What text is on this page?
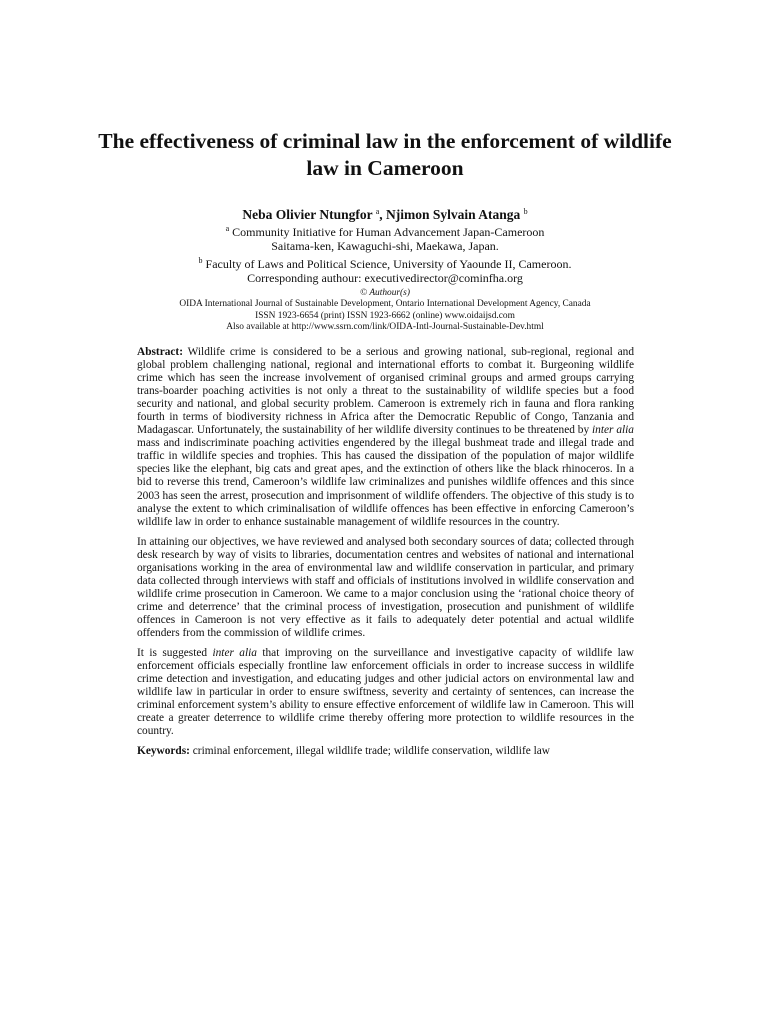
The effectiveness of criminal law in the enforcement of wildlife law in Cameroon
Neba Olivier Ntungfor $^a$, Njimon Sylvain Atanga $^b$
$^a$ Community Initiative for Human Advancement Japan-Cameroon
Saitama-ken, Kawaguchi-shi, Maekawa, Japan.
$^b$ Faculty of Laws and Political Science, University of Yaounde II, Cameroon.
Corresponding authour: executivedirector@cominfha.org
© Authour(s)
OIDA International Journal of Sustainable Development, Ontario International Development Agency, Canada
ISSN 1923-6654 (print) ISSN 1923-6662 (online) www.oidaijsd.com
Also available at http://www.ssrn.com/link/OIDA-Intl-Journal-Sustainable-Dev.html

Abstract: Wildlife crime is considered to be a serious and growing national, sub-regional, regional and global problem challenging national, regional and international efforts to combat it. Burgeoning wildlife crime which has seen the increase involvement of organised criminal groups and armed groups carrying trans-boarder poaching activities is not only a threat to the sustainability of wildlife species but a food security and national, and global security problem. Cameroon is extremely rich in fauna and flora ranking fourth in terms of biodiversity richness in Africa after the Democratic Republic of Congo, Tanzania and Madagascar. Unfortunately, the sustainability of her wildlife diversity continues to be threatened by inter alia mass and indiscriminate poaching activities engendered by the illegal bushmeat trade and illegal trade and traffic in wildlife species and trophies. This has caused the dissipation of the population of major wildlife species like the elephant, big cats and great apes, and the extinction of others like the black rhinoceros. In a bid to reverse this trend, Cameroon’s wildlife law criminalizes and punishes wildlife offences and this since 2003 has seen the arrest, prosecution and imprisonment of wildlife offenders. The objective of this study is to analyse the extent to which criminalisation of wildlife offences has been effective in enforcing Cameroon’s wildlife law in order to enhance sustainable management of wildlife resources in the country.

In attaining our objectives, we have reviewed and analysed both secondary sources of data; collected through desk research by way of visits to libraries, documentation centres and websites of national and international organisations working in the area of environmental law and wildlife conservation in particular, and primary data collected through interviews with staff and officials of institutions involved in wildlife conservation and wildlife crime prosecution in Cameroon. We came to a major conclusion using the ‘rational choice theory of crime and deterrence’ that the criminal process of investigation, prosecution and punishment of wildlife offences in Cameroon is not very effective as it fails to adequately deter potential and actual wildlife offenders from the commission of wildlife crimes.

It is suggested inter alia that improving on the surveillance and investigative capacity of wildlife law enforcement officials especially frontline law enforcement officials in order to increase success in wildlife crime detection and investigation, and educating judges and other judicial actors on environmental law and wildlife law in particular in order to ensure swiftness, severity and certainty of sentences, can increase the criminal enforcement system’s ability to ensure effective enforcement of wildlife law in Cameroon. This will create a greater deterrence to wildlife crime thereby offering more protection to wildlife resources in the country.

Keywords: criminal enforcement, illegal wildlife trade; wildlife conservation, wildlife law
